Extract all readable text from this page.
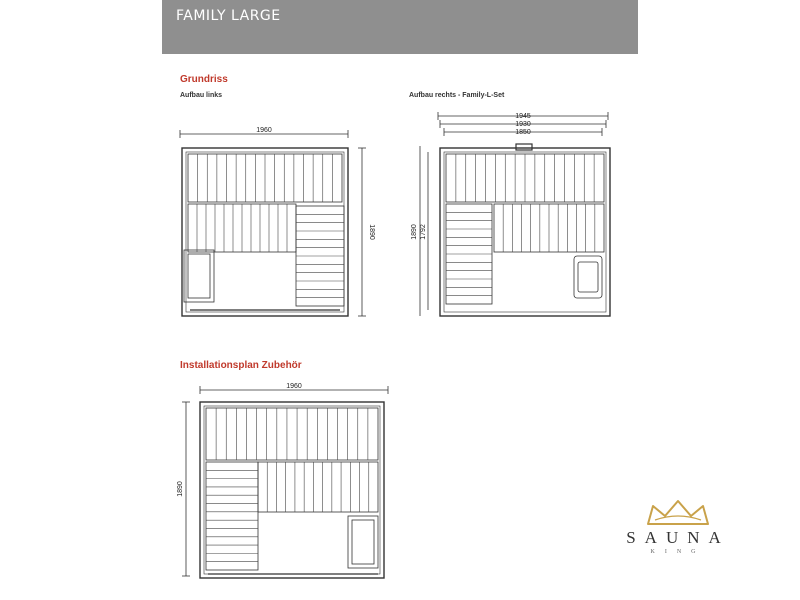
FAMILY LARGE
Grundriss
Aufbau links	Aufbau rechts - Family-L-Set
Installationsplan Zubehör
1960
1890
1945
1930
1850
1890 1792
1960
1890
SAUNA
KING
